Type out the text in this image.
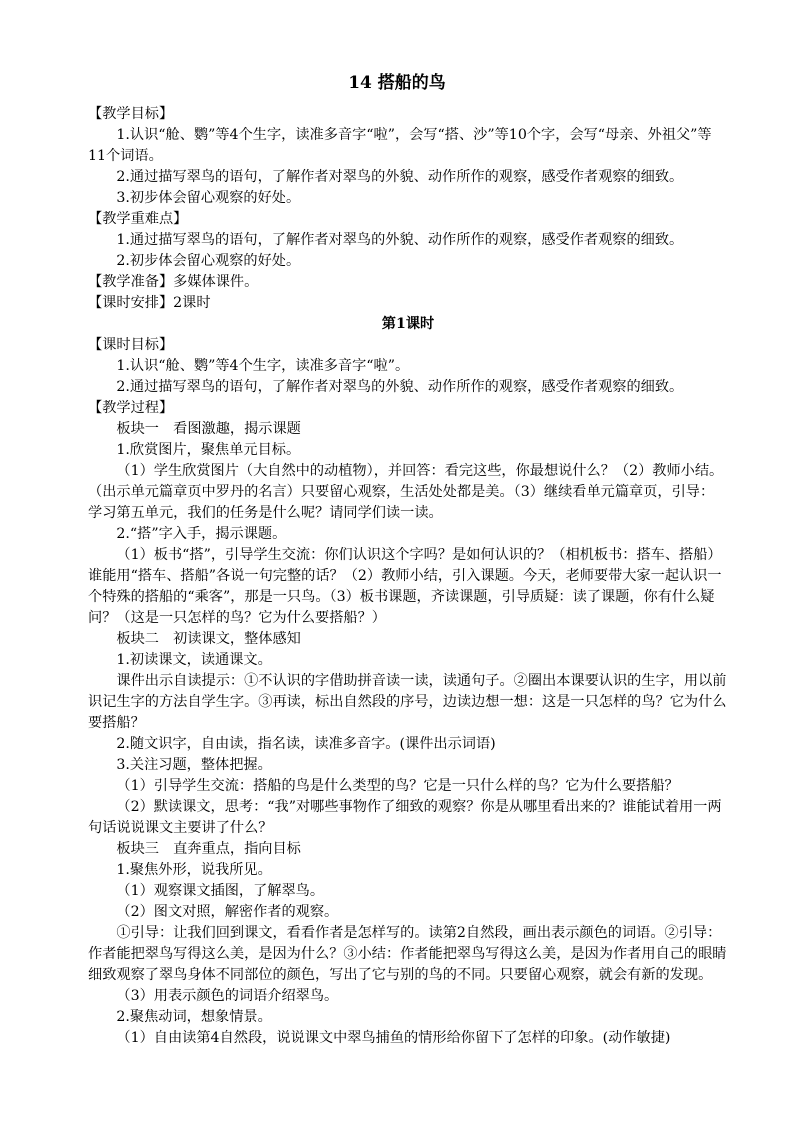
14 搭船的鸟

【教学目标】

1.认识“舱、鹦”等4个生字，读准多音字“啦”，会写“搭、沙”等10个字，会写“母亲、外祖父”等11个词语。

2.通过描写翠鸟的语句，了解作者对翠鸟的外貌、动作所作的观察，感受作者观察的细致。

3.初步体会留心观察的好处。

【教学重难点】

1.通过描写翠鸟的语句，了解作者对翠鸟的外貌、动作所作的观察，感受作者观察的细致。

2.初步体会留心观察的好处。

【教学准备】多媒体课件。

【课时安排】2课时

第1课时

【课时目标】

1.认识“舱、鹦”等4个生字，读准多音字“啦”。

2.通过描写翠鸟的语句，了解作者对翠鸟的外貌、动作所作的观察，感受作者观察的细致。

【教学过程】

板块一　看图激趣，揭示课题

1.欣赏图片，聚焦单元目标。

（1）学生欣赏图片（大自然中的动植物），并回答：看完这些，你最想说什么？（2）教师小结。（出示单元篇章页中罗丹的名言）只要留心观察，生活处处都是美。（3）继续看单元篇章页，引导：学习第五单元，我们的任务是什么呢？请同学们读一读。

2.“搭”字入手，揭示课题。

（1）板书“搭”，引导学生交流：你们认识这个字吗？是如何认识的？（相机板书：搭车、搭船）谁能用“搭车、搭船”各说一句完整的话？（2）教师小结，引入课题。今天，老师要带大家一起认识一个特殊的搭船的“乘客”，那是一只鸟。（3）板书课题，齐读课题，引导质疑：读了课题，你有什么疑问？（这是一只怎样的鸟？它为什么要搭船？）

板块二　初读课文，整体感知

1.初读课文，读通课文。

课件出示自读提示：①不认识的字借助拼音读一读，读通句子。②圈出本课要认识的生字，用以前识记生字的方法自学生字。③再读，标出自然段的序号，边读边想一想：这是一只怎样的鸟？它为什么要搭船？

2.随文识字，自由读，指名读，读准多音字。(课件出示词语)

3.关注习题，整体把握。

（1）引导学生交流：搭船的鸟是什么类型的鸟？它是一只什么样的鸟？它为什么要搭船？

（2）默读课文，思考：“我”对哪些事物作了细致的观察？你是从哪里看出来的？谁能试着用一两句话说说课文主要讲了什么？

板块三　直奔重点，指向目标

1.聚焦外形，说我所见。

（1）观察课文插图，了解翠鸟。

（2）图文对照，解密作者的观察。

①引导：让我们回到课文，看看作者是怎样写的。读第2自然段，画出表示颜色的词语。②引导：作者能把翠鸟写得这么美，是因为什么？③小结：作者能把翠鸟写得这么美，是因为作者用自己的眼睛　细致观察了翠鸟身体不同部位的颜色，写出了它与别的鸟的不同。只要留心观察，就会有新的发现。

（3）用表示颜色的词语介绍翠鸟。

2.聚焦动词，想象情景。

（1）自由读第4自然段，说说课文中翠鸟捕鱼的情形给你留下了怎样的印象。(动作敏捷)
